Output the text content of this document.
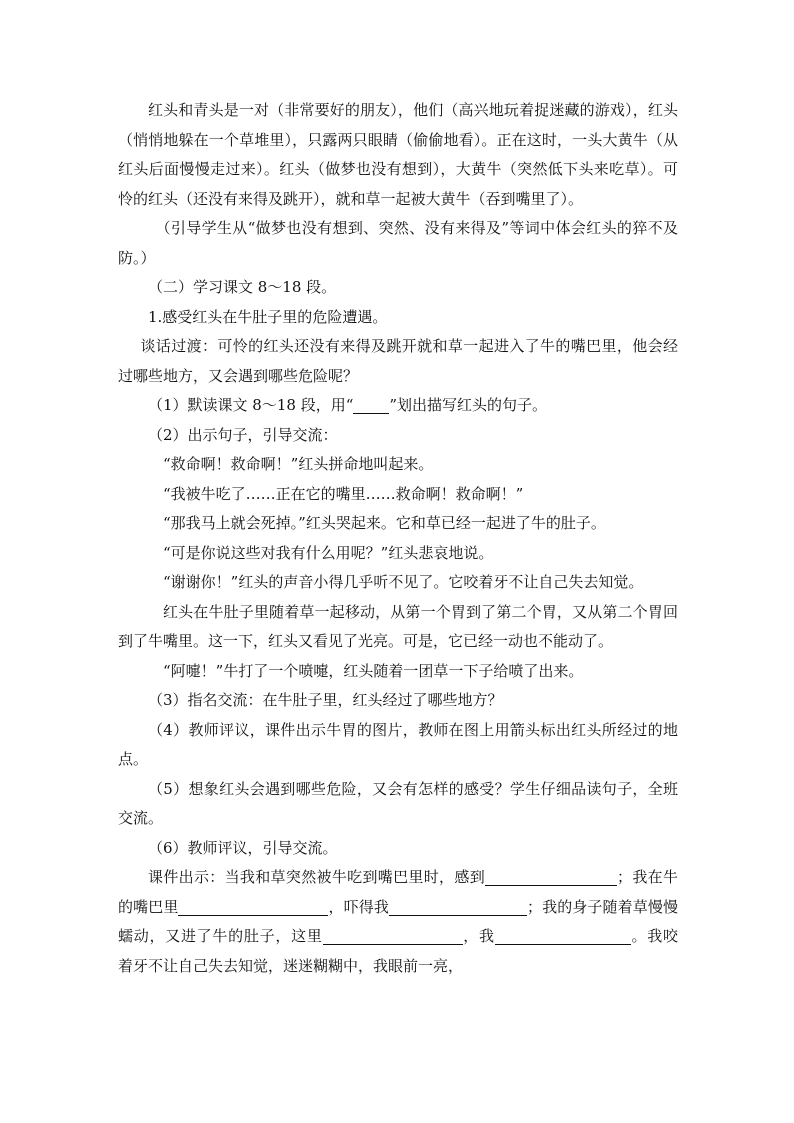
红头和青头是一对（非常要好的朋友），他们（高兴地玩着捉迷藏的游戏），红头（悄悄地躲在一个草堆里），只露两只眼睛（偷偷地看）。正在这时，一头大黄牛（从红头后面慢慢走过来）。红头（做梦也没有想到），大黄牛（突然低下头来吃草）。可怜的红头（还没有来得及跳开），就和草一起被大黄牛（吞到嘴里了）。

（引导学生从“做梦也没有想到、突然、没有来得及”等词中体会红头的猝不及防。）

（二）学习课文 8～18 段。

1.感受红头在牛肚子里的危险遭遇。

谈话过渡：可怜的红头还没有来得及跳开就和草一起进入了牛的嘴巴里，他会经过哪些地方，又会遇到哪些危险呢？

（1）默读课文 8～18 段，用“ ”划出描写红头的句子。

（2）出示句子，引导交流：

“救命啊！救命啊！”红头拼命地叫起来。

“我被牛吃了……正在它的嘴里……救命啊！救命啊！”

“那我马上就会死掉。”红头哭起来。它和草已经一起进了牛的肚子。

“可是你说这些对我有什么用呢？”红头悲哀地说。

“谢谢你！”红头的声音小得几乎听不见了。它咬着牙不让自己失去知觉。

红头在牛肚子里随着草一起移动，从第一个胃到了第二个胃，又从第二个胃回到了牛嘴里。这一下，红头又看见了光亮。可是，它已经一动也不能动了。

“阿嚏！”牛打了一个喷嚏，红头随着一团草一下子给喷了出来。

（3）指名交流：在牛肚子里，红头经过了哪些地方？

（4）教师评议，课件出示牛胃的图片，教师在图上用箭头标出红头所经过的地点。

（5）想象红头会遇到哪些危险，又会有怎样的感受？学生仔细品读句子，全班交流。

（6）教师评议，引导交流。

课件出示：当我和草突然被牛吃到嘴巴里时，感到	；我在牛的嘴巴里	，吓得我	；我的身子随着草慢慢蠕动，又进了牛的肚子，这里	，我	。我咬着牙不让自己失去知觉，迷迷糊糊中，我眼前一亮，
